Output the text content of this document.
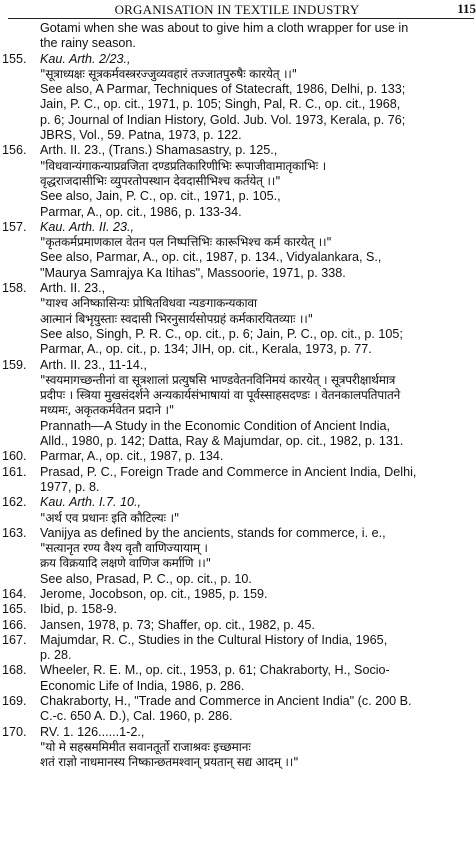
ORGANISATION IN TEXTILE INDUSTRY	115
Gotami when she was about to give him a cloth wrapper for use in
the rainy season.
155. Kau. Arth. 2/23.,
"सूत्राध्यक्षः सूत्रकर्मवस्त्ररज्जुव्यवहारं तज्जातपुरुषैः कारयेत् ।।"
See also, A Parmar, Techniques of Statecraft, 1986, Delhi, p. 133;
Jain, P. C., op. cit., 1971, p. 105; Singh, Pal, R. C., op. cit., 1968,
p. 6; Journal of Indian History, Gold. Jub. Vol. 1973, Kerala, p. 76;
JBRS, Vol., 59. Patna, 1973, p. 122.
156. Arth. II. 23., (Trans.) Shamasastry, p. 125.,
"विधवान्यंगाकन्याप्रव्रजिता दण्डप्रतिकारिणीभिः रूपाजीवामातृकाभिः ।
वृद्धराजदासीभिः व्युपरतोपस्थान देवदासीभिश्च कर्तयेत् ।।"
See also, Jain, P. C., op. cit., 1971, p. 105.,
Parmar, A., op. cit., 1986, p. 133-34.
157. Kau. Arth. II. 23.,
"कृतकर्मप्रमाणकाल वेतन पल निष्पत्तिभिः कारूभिश्च कर्म कारयेत् ।।"
See also, Parmar, A., op. cit., 1987, p. 134., Vidyalankara, S.,
"Maurya Samrajya Ka Itihas", Massoorie, 1971, p. 338.
158. Arth. II. 23.,
"याश्च अनिष्कासिन्यः प्रोषितविधवा न्यङगाकन्यकावा
आत्मानं बिभृयुस्ताः स्वदासी भिरनुसार्यसोपग्रहं कर्मकारयितव्याः ।।"
See also, Singh, P. R. C., op. cit., p. 6; Jain, P. C., op. cit., p. 105;
Parmar, A., op. cit., p. 134; JIH, op. cit., Kerala, 1973, p. 77.
159. Arth. II. 23., 11-14.,
"स्वयमागच्छन्तीनां वा सूत्रशालां प्रत्युषसि भाण्डवेतनविनिमयं कारयेत् । सूत्रपरीक्षार्थमात्र
प्रदीपः । स्त्रिया मुखसंदर्शने अन्यकार्यसंभाषायां वा पूर्वस्साहसदण्डः । वेतनकालपतिपातने
मध्यमः, अकृतकर्मवेतन प्रदाने ।"
Prannath—A Study in the Economic Condition of Ancient India,
Alld., 1980, p. 142; Datta, Ray & Majumdar, op. cit., 1982, p. 131.
160. Parmar, A., op. cit., 1987, p. 134.
161. Prasad, P. C., Foreign Trade and Commerce in Ancient India, Delhi,
1977, p. 8.
162. Kau. Arth. I.7. 10.,
"अर्थ एव प्रधानः इति कौटिल्यः ।"
163. Vanijya as defined by the ancients, stands for commerce, i. e.,
"सत्यानृत रण्य वैश्य वृतौ वाणिज्यायाम् ।
क्रय विक्रयादि लक्षणे वाणिज कर्माणि ।।"
See also, Prasad, P. C., op. cit., p. 10.
164. Jerome, Jocobson, op. cit., 1985, p. 159.
165. Ibid, p. 158-9.
166. Jansen, 1978, p. 73; Shaffer, op. cit., 1982, p. 45.
167. Majumdar, R. C., Studies in the Cultural History of India, 1965,
p. 28.
168. Wheeler, R. E. M., op. cit., 1953, p. 61; Chakraborty, H., Socio-
Economic Life of India, 1986, p. 286.
169. Chakraborty, H., "Trade and Commerce in Ancient India" (c. 200 B.
C.-c. 650 A. D.), Cal. 1960, p. 286.
170. RV. 1. 126......1-2.,
"यो मे सहस्रममिमीत सवानतूर्तो राजाश्रवः इच्छमानः
शतं राज्ञो नाधमानस्य निष्कान्छतमश्वान् प्रयतान् सद्य आदम् ।।"
